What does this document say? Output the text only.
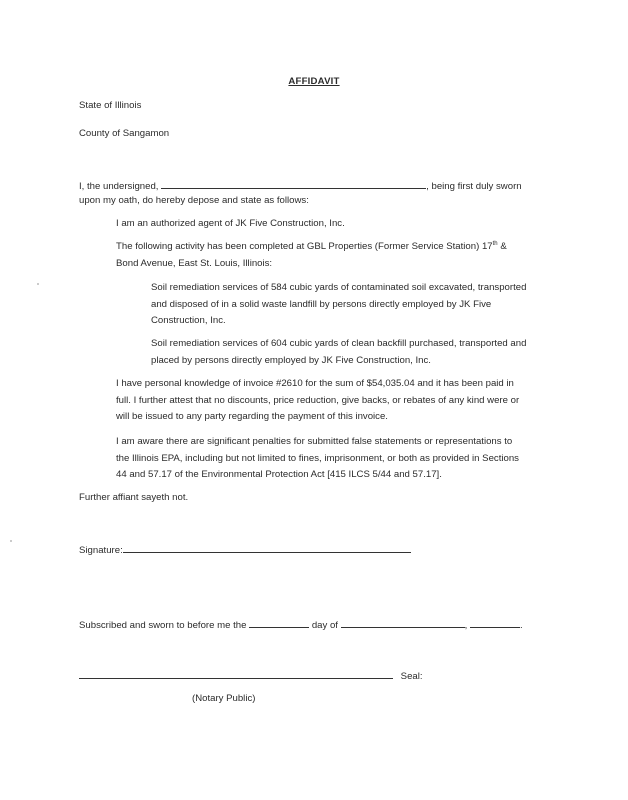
AFFIDAVIT
State of Illinois
County of Sangamon
I, the undersigned,	, being first duly sworn
upon my oath, do hereby depose and state as follows:
I am an authorized agent of JK Five Construction, Inc.
The following activity has been completed at GBL Properties (Former Service Station) 17th &
Bond Avenue, East St. Louis, Illinois:
Soil remediation services of 584 cubic yards of contaminated soil excavated, transported
and disposed of in a solid waste landfill by persons directly employed by JK Five
Construction, Inc.
Soil remediation services of 604 cubic yards of clean backfill purchased, transported and
placed by persons directly employed by JK Five Construction, Inc.
I have personal knowledge of invoice #2610 for the sum of $54,035.04 and it has been paid in
full. I further attest that no discounts, price reduction, give backs, or rebates of any kind were or
will be issued to any party regarding the payment of this invoice.
I am aware there are significant penalties for submitted false statements or representations to
the Illinois EPA, including but not limited to fines, imprisonment, or both as provided in Sections
44 and 57.17 of the Environmental Protection Act [415 ILCS 5/44 and 57.17].
Further affiant sayeth not.
Signature:
Subscribed and sworn to before me the	day of	,	.
Seal:
(Notary Public)
